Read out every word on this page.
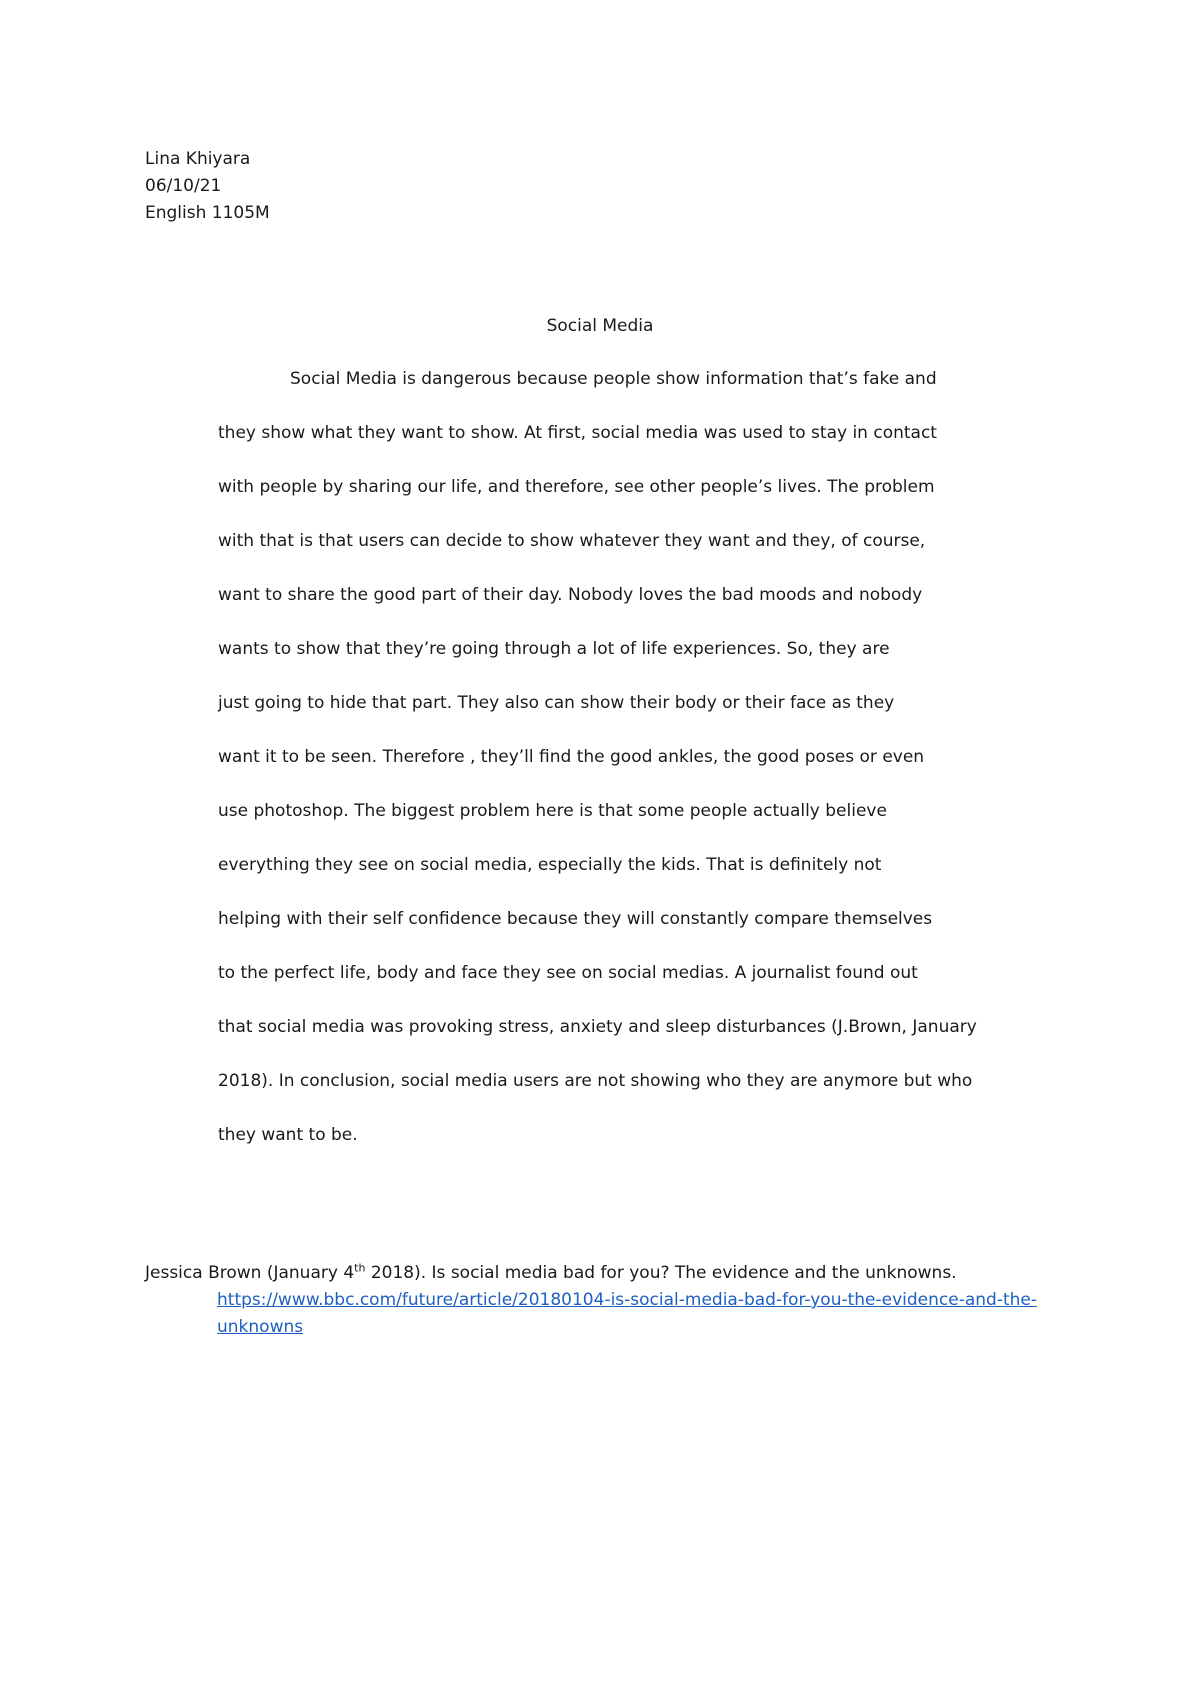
Lina Khiyara
06/10/21
English 1105M
Social Media
Social Media is dangerous because people show information that’s fake and
they show what they want to show. At first, social media was used to stay in contact
with people by sharing our life, and therefore, see other people’s lives. The problem
with that is that users can decide to show whatever they want and they, of course,
want to share the good part of their day. Nobody loves the bad moods and nobody
wants to show that they’re going through a lot of life experiences. So, they are
just going to hide that part. They also can show their body or their face as they
want it to be seen. Therefore , they’ll find the good ankles, the good poses or even
use photoshop. The biggest problem here is that some people actually believe
everything they see on social media, especially the kids. That is definitely not
helping with their self confidence because they will constantly compare themselves
to the perfect life, body and face they see on social medias. A journalist found out
that social media was provoking stress, anxiety and sleep disturbances (J.Brown, January
2018). In conclusion, social media users are not showing who they are anymore but who
they want to be.
Jessica Brown (January 4th 2018). Is social media bad for you? The evidence and the unknowns.
https://www.bbc.com/future/article/20180104-is-social-media-bad-for-you-the-evidence-and-the-unknowns
